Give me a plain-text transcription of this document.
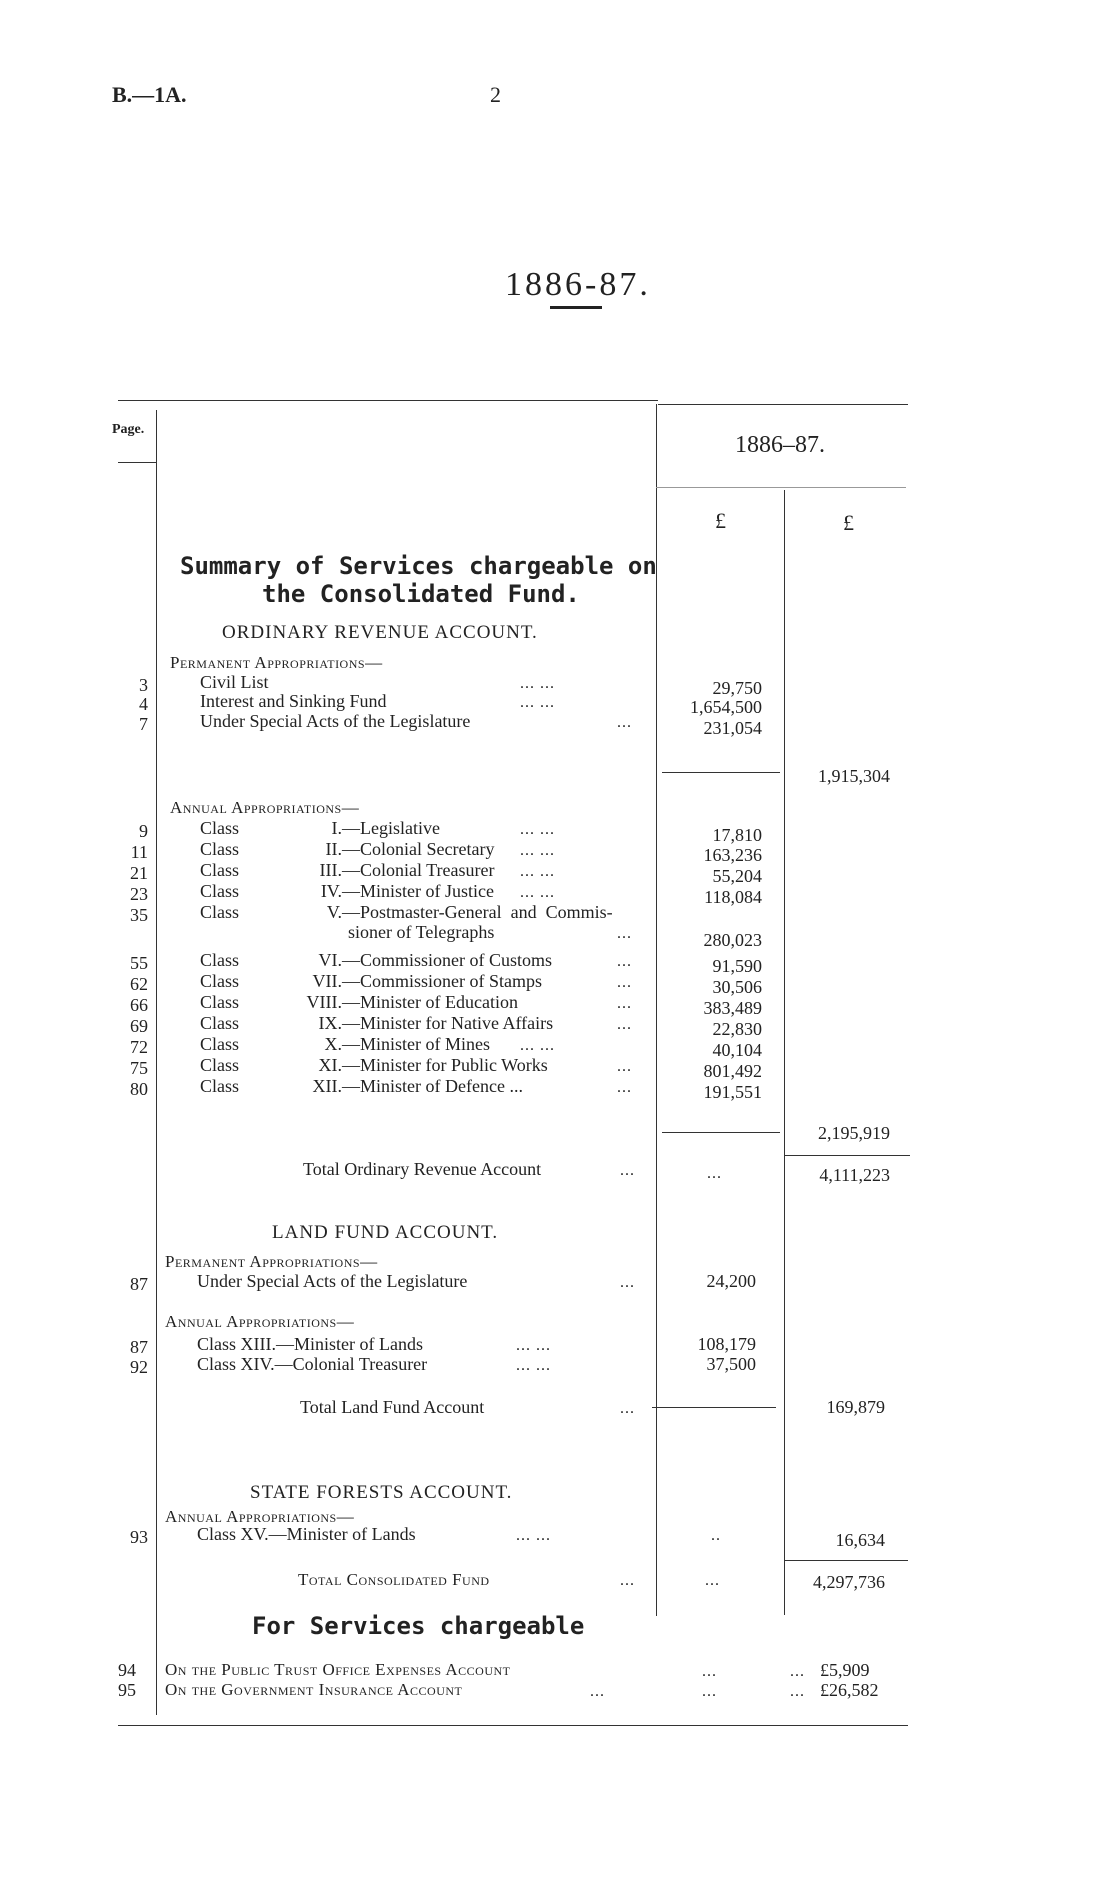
B.—1A.	2
1886-87.
Page.
1886–87.
£	£
Summary of Services chargeable on
the Consolidated Fund.
ORDINARY REVENUE ACCOUNT.
Permanent Appropriations—
3	Civil List	... ...	29,750
4	Interest and Sinking Fund	... ...	1,654,500
7	Under Special Acts of the Legislature	...	231,054
1,915,304
Annual Appropriations—
9	Class	I.— Legislative	... ...	17,810
11	Class	II.— Colonial Secretary ... ...	163,236
21	Class	III.— Colonial Treasurer ... ...	55,204
23	Class	IV.— Minister of Justice ... ...	118,084
35	Class	V.— Postmaster-General  and  Commis-
sioner of Telegraphs	...	280,023
55	Class	VI.— Commissioner of Customs	...	91,590
62	Class	VII.— Commissioner of Stamps	...	30,506
66	Class	VIII.— Minister of Education	...	383,489
69	Class	IX.— Minister for Native Affairs	...	22,830
72	Class	X.— Minister of Mines ... ...	40,104
75	Class	XI.— Minister for Public Works	...	801,492
80	Class	XII.— Minister of Defence ...	...	191,551
2,195,919
Total Ordinary Revenue Account	...	...	4,111,223
LAND FUND ACCOUNT.
Permanent Appropriations—
87	Under Special Acts of the Legislature	...	24,200
Annual Appropriations—
87	Class XIII.—Minister of Lands	... ...	108,179
92	Class XIV.—Colonial Treasurer	... ...	37,500
Total Land Fund Account	...	169,879
STATE FORESTS ACCOUNT.
Annual Appropriations—
93	Class XV.—Minister of Lands	... ...	..	16,634
Total Consolidated Fund	...	...	4,297,736
For Services chargeable
94 On the Public Trust Office Expenses Account	...	... £5,909
95 On the Government Insurance Account	...	...	... £26,582
